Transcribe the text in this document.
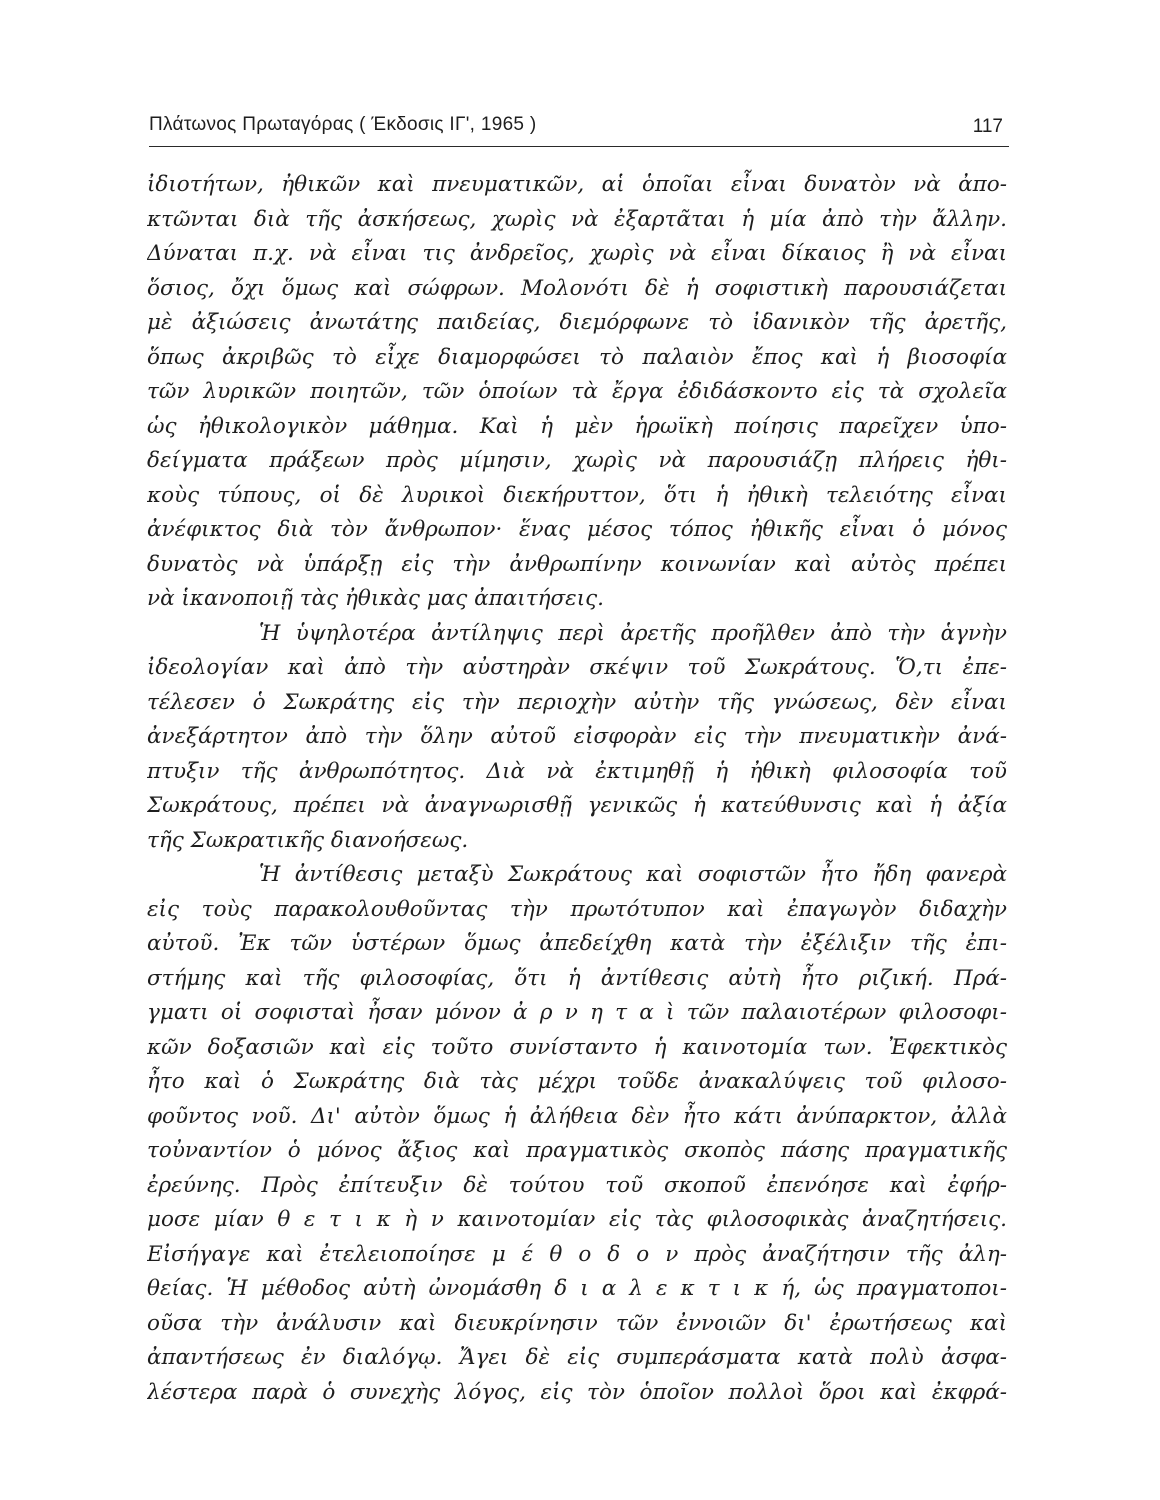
Πλάτωνος Πρωταγόρας ( Έκδοσις ΙΓ', 1965 )	117
ἰδιοτήτων, ἠθικῶν καὶ πνευματικῶν, αἱ ὁποῖαι εἶναι δυνατὸν νὰ ἀπο-
κτῶνται διὰ τῆς ἀσκήσεως, χωρὶς νὰ ἐξαρτᾶται ἡ μία ἀπὸ τὴν ἄλλην.
Δύναται π.χ. νὰ εἶναι τις ἀνδρεῖος, χωρὶς νὰ εἶναι δίκαιος ἢ νὰ εἶναι
ὅσιος, ὄχι ὅμως καὶ σώφρων. Μολονότι δὲ ἡ σοφιστικὴ παρουσιάζεται
μὲ ἀξιώσεις ἀνωτάτης παιδείας, διεμόρφωνε τὸ ἰδανικὸν τῆς ἀρετῆς,
ὅπως ἀκριβῶς τὸ εἶχε διαμορφώσει τὸ παλαιὸν ἔπος καὶ ἡ βιοσοφία
τῶν λυρικῶν ποιητῶν, τῶν ὁποίων τὰ ἔργα ἐδιδάσκοντο εἰς τὰ σχολεῖα
ὡς ἠθικολογικὸν μάθημα. Καὶ ἡ μὲν ἡρωϊκὴ ποίησις παρεῖχεν ὑπο-
δείγματα πράξεων πρὸς μίμησιν, χωρὶς νὰ παρουσιάζῃ πλήρεις ἠθι-
κοὺς τύπους, οἱ δὲ λυρικοὶ διεκήρυττον, ὅτι ἡ ἠθικὴ τελειότης εἶναι
ἀνέφικτος διὰ τὸν ἄνθρωπον· ἕνας μέσος τόπος ἠθικῆς εἶναι ὁ μόνος
δυνατὸς νὰ ὑπάρξῃ εἰς τὴν ἀνθρωπίνην κοινωνίαν καὶ αὐτὸς πρέπει
νὰ ἱκανοποιῇ τὰς ἠθικὰς μας ἀπαιτήσεις.
Ἡ ὑψηλοτέρα ἀντίληψις περὶ ἀρετῆς προῆλθεν ἀπὸ τὴν ἁγνὴν
ἰδεολογίαν καὶ ἀπὸ τὴν αὐστηρὰν σκέψιν τοῦ Σωκράτους. Ὅ,τι ἐπε-
τέλεσεν ὁ Σωκράτης εἰς τὴν περιοχὴν αὐτὴν τῆς γνώσεως, δὲν εἶναι
ἀνεξάρτητον ἀπὸ τὴν ὅλην αὐτοῦ εἰσφορὰν εἰς τὴν πνευματικὴν ἀνά-
πτυξιν τῆς ἀνθρωπότητος. Διὰ νὰ ἐκτιμηθῇ ἡ ἠθικὴ φιλοσοφία τοῦ
Σωκράτους, πρέπει νὰ ἀναγνωρισθῇ γενικῶς ἡ κατεύθυνσις καὶ ἡ ἀξία
τῆς Σωκρατικῆς διανοήσεως.
Ἡ ἀντίθεσις μεταξὺ Σωκράτους καὶ σοφιστῶν ἦτο ἤδη φανερὰ
εἰς τοὺς παρακολουθοῦντας τὴν πρωτότυπον καὶ ἐπαγωγὸν διδαχὴν
αὐτοῦ. Ἐκ τῶν ὑστέρων ὅμως ἀπεδείχθη κατὰ τὴν ἐξέλιξιν τῆς ἐπι-
στήμης καὶ τῆς φιλοσοφίας, ὅτι ἡ ἀντίθεσις αὐτὴ ἦτο ριζική. Πρά-
γματι οἱ σοφισταὶ ἦσαν μόνον ἀ ρ ν η τ α ὶ τῶν παλαιοτέρων φιλοσοφι-
κῶν δοξασιῶν καὶ εἰς τοῦτο συνίσταντο ἡ καινοτομία των. Ἐφεκτικὸς
ἦτο καὶ ὁ Σωκράτης διὰ τὰς μέχρι τοῦδε ἀνακαλύψεις τοῦ φιλοσο-
φοῦντος νοῦ. Δι' αὐτὸν ὅμως ἡ ἀλήθεια δὲν ἦτο κάτι ἀνύπαρκτον, ἀλλὰ
τοὐναντίον ὁ μόνος ἄξιος καὶ πραγματικὸς σκοπὸς πάσης πραγματικῆς
ἐρεύνης. Πρὸς ἐπίτευξιν δὲ τούτου τοῦ σκοποῦ ἐπενόησε καὶ ἐφήρ-
μοσε μίαν θ ε τ ι κ ὴ ν καινοτομίαν εἰς τὰς φιλοσοφικὰς ἀναζητήσεις.
Εἰσήγαγε καὶ ἐτελειοποίησε μ έ θ ο δ ο ν πρὸς ἀναζήτησιν τῆς ἀλη-
θείας. Ἡ μέθοδος αὐτὴ ὠνομάσθη δ ι α λ ε κ τ ι κ ή, ὡς πραγματοποι-
οῦσα τὴν ἀνάλυσιν καὶ διευκρίνησιν τῶν ἐννοιῶν δι' ἐρωτήσεως καὶ
ἀπαντήσεως ἐν διαλόγῳ. Ἄγει δὲ εἰς συμπεράσματα κατὰ πολὺ ἀσφα-
λέστερα παρὰ ὁ συνεχὴς λόγος, εἰς τὸν ὁποῖον πολλοὶ ὅροι καὶ ἐκφρά-
